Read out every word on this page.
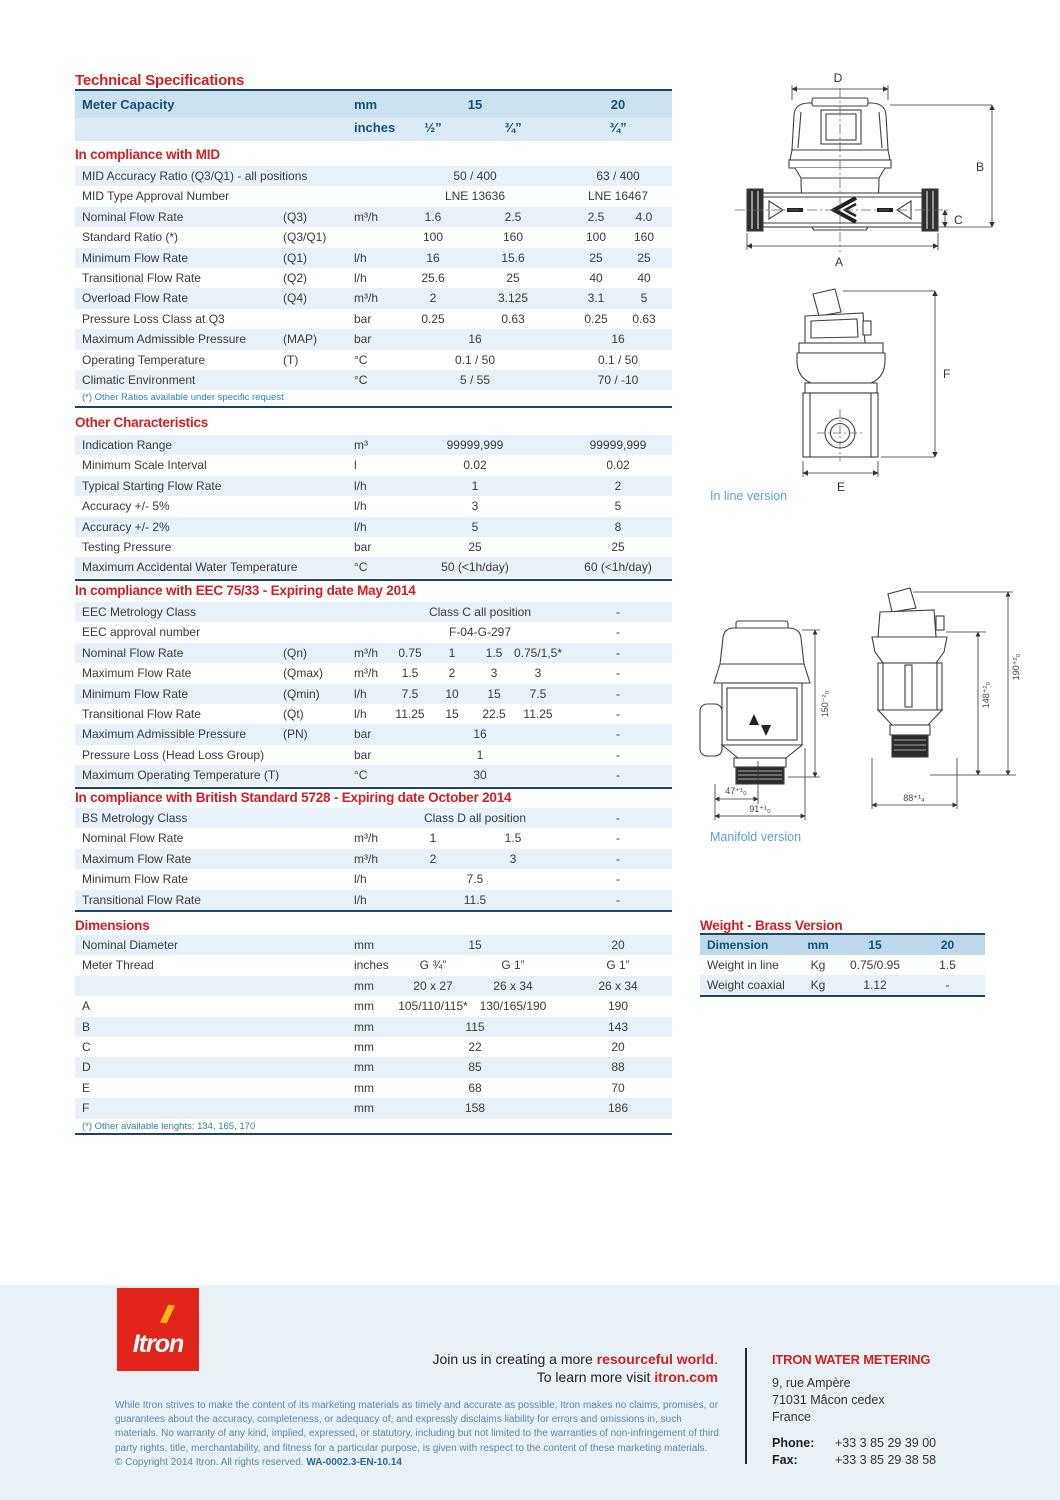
Technical Specifications
Meter Capacity	mm	15	20
inches	½”	¾”	¾”
In compliance with MID
MID Accuracy Ratio (Q3/Q1) - all positions	50 / 400	63 / 400
MID Type Approval Number	LNE 13636	LNE 16467
Nominal Flow Rate	(Q3)	m³/h	1.6	2.5	2.5	4.0
Standard Ratio (*)	(Q3/Q1)	100	160	100	160
Minimum Flow Rate	(Q1)	l/h	16	15.6	25	25
Transitional Flow Rate	(Q2)	l/h	25.6	25	40	40
Overload Flow Rate	(Q4)	m³/h	2	3.125	3.1	5
Pressure Loss Class at Q3	bar	0.25	0.63	0.25	0.63
Maximum Admissible Pressure	(MAP)	bar	16	16
Operating Temperature	(T)	°C	0.1 / 50	0.1 / 50
Climatic Environment	°C	5 / 55	70 / -10
(*) Other Ratios available under specific request
Other Characteristics
Indication Range	m³	99999,999	99999,999
Minimum Scale Interval	l	0.02	0.02
Typical Starting Flow Rate	l/h	1	2
Accuracy +/- 5%	l/h	3	5
Accuracy +/- 2%	l/h	5	8
Testing Pressure	bar	25	25
Maximum Accidental Water Temperature	°C	50 (<1h/day)	60 (<1h/day)
In compliance with EEC 75/33 - Expiring date May 2014
EEC Metrology Class	Class C all position	-
EEC approval number	F-04-G-297	-
Nominal Flow Rate	(Qn)	m³/h	0.75	1	1.5 0.75/1,5*	-
Maximum Flow Rate	(Qmax)	m³/h	1.5	2	3	3	-
Minimum Flow Rate	(Qmin)	l/h	7.5	10	15	7.5	-
Transitional Flow Rate	(Qt)	l/h	11.25	15	22.5	11.25	-
Maximum Admissible Pressure	(PN)	bar	16	-
Pressure Loss (Head Loss Group)	bar	1	-
Maximum Operating Temperature (T)	°C	30	-
In compliance with British Standard 5728 - Expiring date October 2014
BS Metrology Class	Class D all position	-
Nominal Flow Rate	m³/h	1	1.5	-
Maximum Flow Rate	m³/h	2	3	-
Minimum Flow Rate	l/h	7.5	-
Transitional Flow Rate	l/h	11.5	-
Dimensions
Nominal Diameter	mm	15	20
Meter Thread	inches	G ¾”	G 1”	G 1”
mm	20 x 27	26 x 34	26 x 34
A	mm	105/110/115* 130/165/190	190
B	mm	115	143
C	mm	22	20
D	mm	85	88
E	mm	68	70
F	mm	158	186
(*) Other available lenghts: 134, 165, 170
Weight - Brass Version
Dimension	mm	15	20
Weight in line	Kg	0.75/0.95	1.5
Weight coaxial	Kg	1.12	-
D
B
C
A
F
E
In line version
47⁺¹₀
91⁺¹₀
150⁻²₀
88⁺¹₄
148⁺²₀
190⁺²₀
Manifold version
Itron
Join us in creating a more resourceful world.
To learn more visit itron.com
While Itron strives to make the content of its marketing materials as timely and accurate as possible, Itron makes no claims, promises, or guarantees about the accuracy, completeness, or adequacy of, and expressly disclaims liability for errors and omissions in, such materials. No warranty of any kind, implied, expressed, or statutory, including but not limited to the warranties of non-infringement of third party rights, title, merchantability, and fitness for a particular purpose, is given with respect to the content of these marketing materials.
© Copyright 2014 Itron. All rights reserved. WA-0002.3-EN-10.14
ITRON WATER METERING
9, rue Ampère
71031 Mâcon cedex
France
Phone:	+33 3 85 29 39 00
Fax:	+33 3 85 29 38 58
